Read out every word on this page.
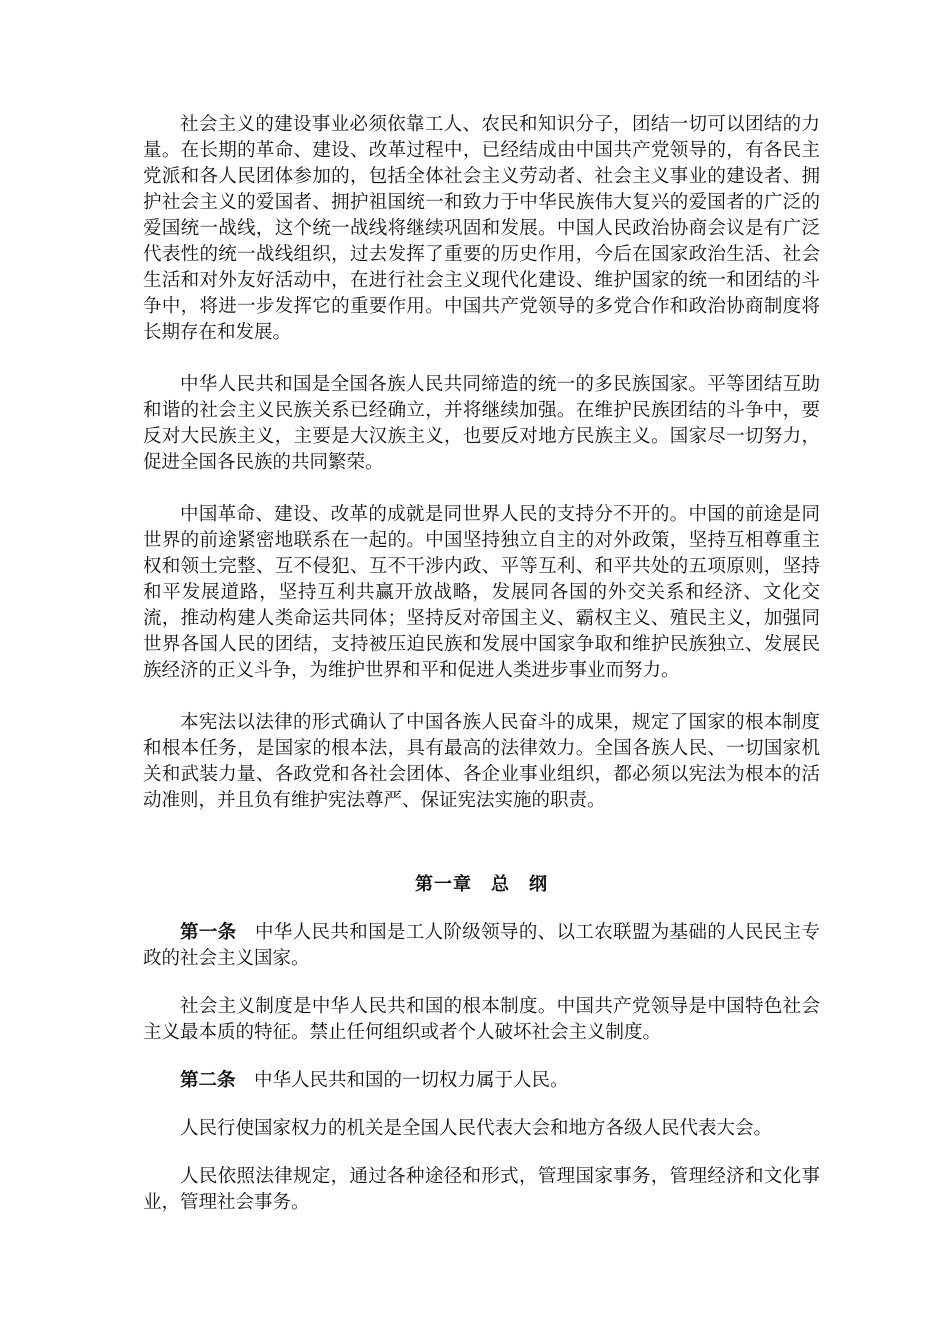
社会主义的建设事业必须依靠工人、农民和知识分子，团结一切可以团结的力量。在长期的革命、建设、改革过程中，已经结成由中国共产党领导的，有各民主党派和各人民团体参加的，包括全体社会主义劳动者、社会主义事业的建设者、拥护社会主义的爱国者、拥护祖国统一和致力于中华民族伟大复兴的爱国者的广泛的爱国统一战线，这个统一战线将继续巩固和发展。中国人民政治协商会议是有广泛代表性的统一战线组织，过去发挥了重要的历史作用，今后在国家政治生活、社会生活和对外友好活动中，在进行社会主义现代化建设、维护国家的统一和团结的斗争中，将进一步发挥它的重要作用。中国共产党领导的多党合作和政治协商制度将长期存在和发展。

中华人民共和国是全国各族人民共同缔造的统一的多民族国家。平等团结互助和谐的社会主义民族关系已经确立，并将继续加强。在维护民族团结的斗争中，要反对大民族主义，主要是大汉族主义，也要反对地方民族主义。国家尽一切努力，促进全国各民族的共同繁荣。

中国革命、建设、改革的成就是同世界人民的支持分不开的。中国的前途是同世界的前途紧密地联系在一起的。中国坚持独立自主的对外政策，坚持互相尊重主权和领土完整、互不侵犯、互不干涉内政、平等互利、和平共处的五项原则，坚持和平发展道路，坚持互利共赢开放战略，发展同各国的外交关系和经济、文化交流，推动构建人类命运共同体；坚持反对帝国主义、霸权主义、殖民主义，加强同世界各国人民的团结，支持被压迫民族和发展中国家争取和维护民族独立、发展民族经济的正义斗争，为维护世界和平和促进人类进步事业而努力。

本宪法以法律的形式确认了中国各族人民奋斗的成果，规定了国家的根本制度和根本任务，是国家的根本法，具有最高的法律效力。全国各族人民、一切国家机关和武装力量、各政党和各社会团体、各企业事业组织，都必须以宪法为根本的活动准则，并且负有维护宪法尊严、保证宪法实施的职责。

第一章　总　纲

第一条 中华人民共和国是工人阶级领导的、以工农联盟为基础的人民民主专政的社会主义国家。

社会主义制度是中华人民共和国的根本制度。中国共产党领导是中国特色社会主义最本质的特征。禁止任何组织或者个人破坏社会主义制度。

第二条 中华人民共和国的一切权力属于人民。

人民行使国家权力的机关是全国人民代表大会和地方各级人民代表大会。

人民依照法律规定，通过各种途径和形式，管理国家事务，管理经济和文化事业，管理社会事务。
